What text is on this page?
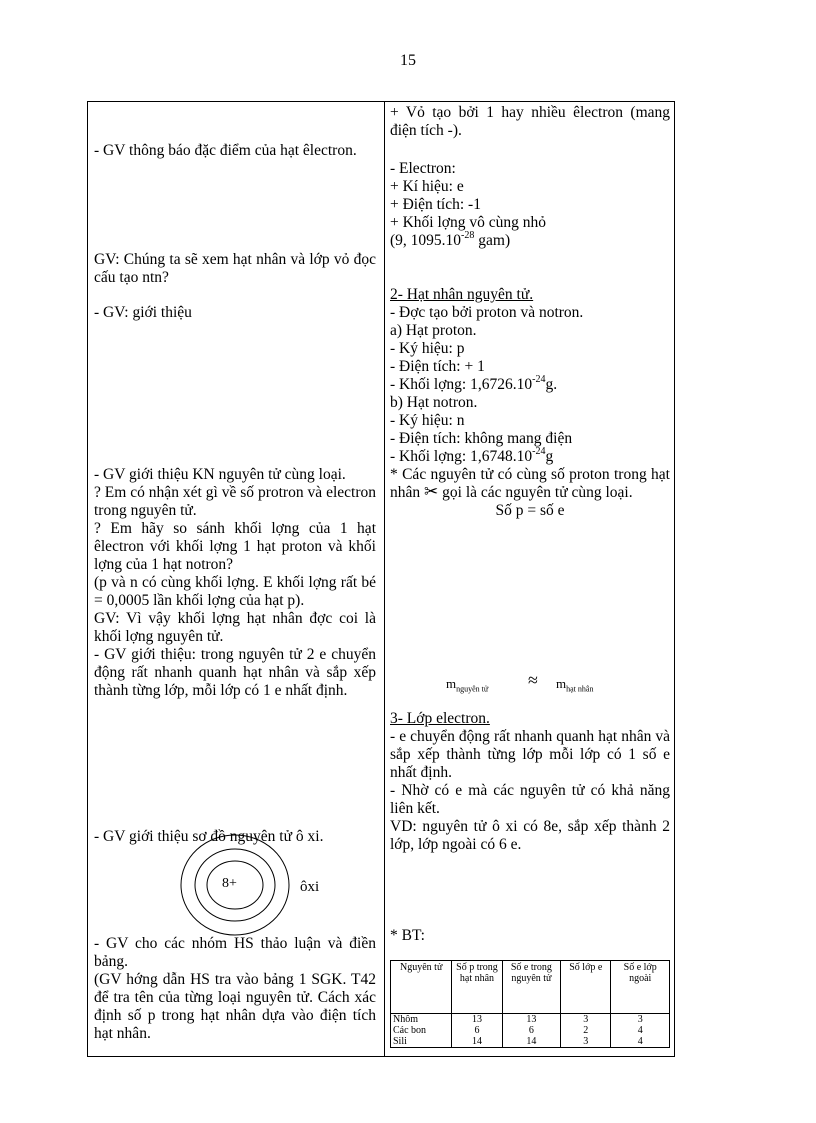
15

- GV thông báo đặc điểm của hạt êlectron.

GV: Chúng ta sẽ xem hạt nhân và lớp vỏ đọc cấu tạo ntn?

- GV: giới thiệu

- GV giới thiệu KN nguyên tử cùng loại.
? Em có nhận xét gì về số protron và electron trong nguyên tử.
? Em hãy so sánh khối lợng của 1 hạt êlectron với khối lợng 1 hạt proton và khối lợng của 1 hạt notron?
(p và n có cùng khối lợng. E khối lợng rất bé = 0,0005 lần khối lợng của hạt p).
GV: Vì vậy khối lợng hạt nhân đợc coi là khối lợng nguyên tử.
- GV giới thiệu: trong nguyên tử 2 e chuyển động rất nhanh quanh hạt nhân và sắp xếp thành từng lớp, mỗi lớp có 1 e nhất định.

- GV giới thiệu sơ đồ nguyên tử ô xi.

- GV cho các nhóm HS thảo luận và điền bảng.
(GV hớng dẫn HS tra vào bảng 1 SGK. T42 để tra tên của từng loại nguyên tử. Cách xác định số p trong hạt nhân dựa vào điện tích hạt nhân.
8+	ôxi

+ Vỏ tạo bởi 1 hay nhiều êlectron (mang điện tích -).

- Electron:
+ Kí hiệu: e
+ Điện tích: -1
+ Khối lợng vô cùng nhỏ
(9, $1095.10^{-28}$ gam)
2- Hạt nhân nguyên tử.
- Đợc tạo bởi proton và notron.
a) Hạt proton.
- Ký hiệu: p
- Điện tích: + 1
- Khối lợng: $1,6726.10^{-24}g$.
b) Hạt notron.
- Ký hiệu: n
- Điện tích: không mang điện
- Khối lợng: $1,6748.10^{-24}g$
* Các nguyên tử có cùng số proton trong hạt nhân ✂ gọi là các nguyên tử cùng loại.
Số p = số e
$m_{nguyên tử} \approx m_{hạt nhân}$
3- Lớp electron.
- e chuyển động rất nhanh quanh hạt nhân và sắp xếp thành từng lớp mỗi lớp có 1 số e nhất định.
- Nhờ có e mà các nguyên tử có khả năng liên kết.
VD: nguyên tử ô xi có 8e, sắp xếp thành 2 lớp, lớp ngoài có 6 e.
* BT:
Nguyên tử	Số p trong hạt nhân	Số e trong nguyên tử	Số lớp e	Số e lớp ngoài
Nhôm	13	13	3	3
Các bon	6	6	2	4
Sili	14	14	3	4
